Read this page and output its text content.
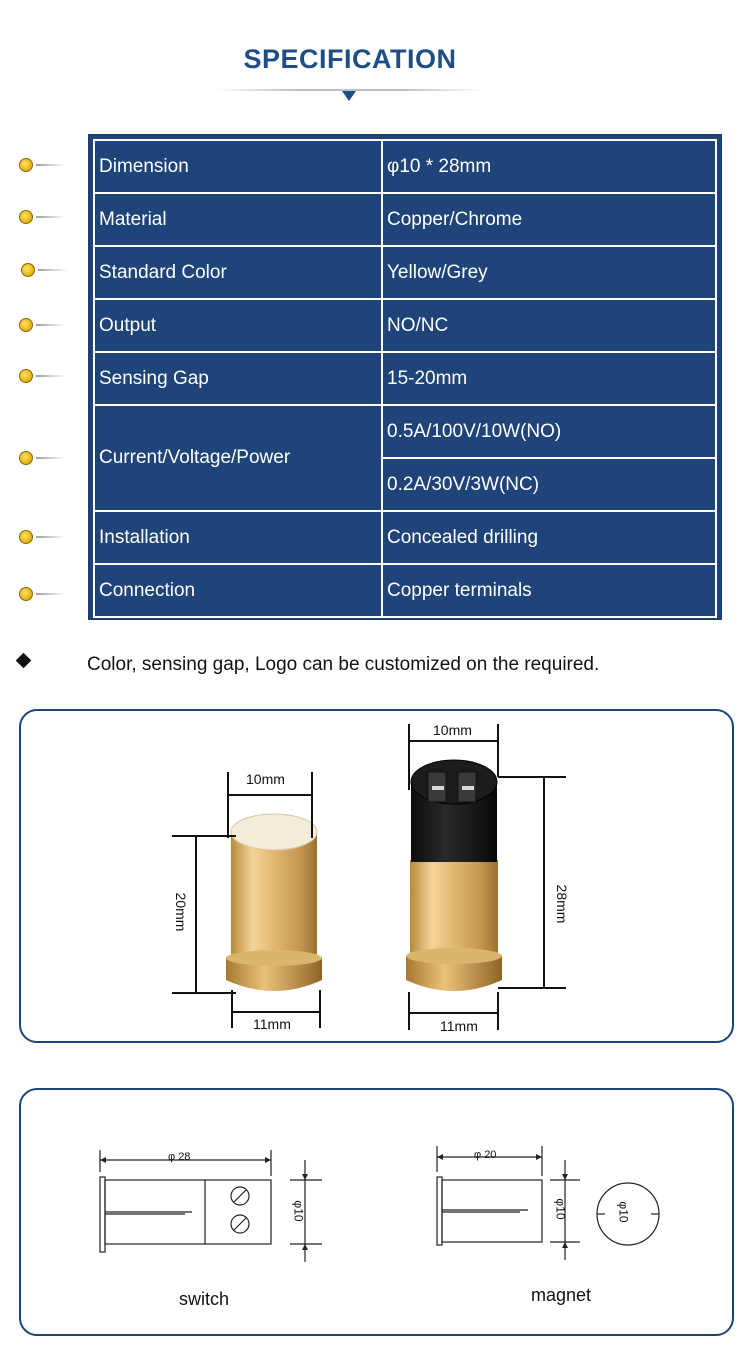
SPECIFICATION
Dimension	φ10 * 28mm
Material	Copper/Chrome
Standard Color	Yellow/Grey
Output	NO/NC
Sensing Gap	15-20mm
Current/Voltage/Power	0.5A/100V/10W(NO)
	0.2A/30V/3W(NC)
Installation	Concealed drilling
Connection	Copper terminals
Color, sensing gap, Logo can be customized on the required.
10mm
20mm
11mm
10mm
28mm
11mm
φ 28
φ10
φ 20
φ10	φ10
switch	magnet
